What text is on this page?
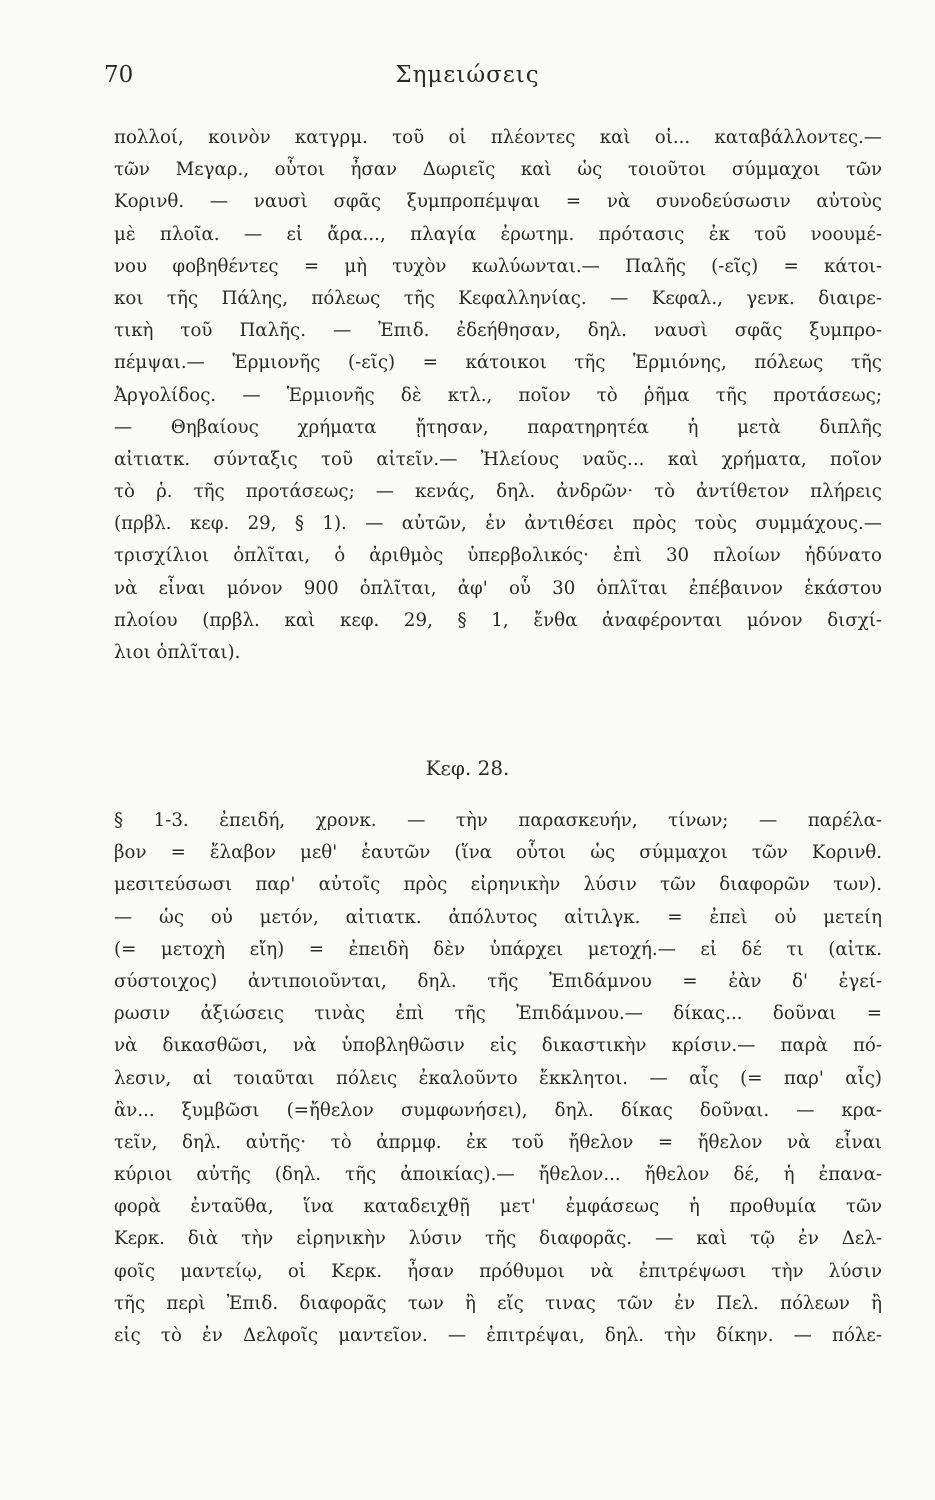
70	Σημειώσεις
πολλοί, κοινὸν κατγρμ. τοῦ οἱ πλέοντες καὶ οἱ... καταβάλλοντες.—
τῶν Μεγαρ., οὗτοι ἦσαν Δωριεῖς καὶ ὡς τοιοῦτοι σύμμαχοι τῶν
Κορινθ. — ναυσὶ σφᾶς ξυμπροπέμψαι = νὰ συνοδεύσωσιν αὐτοὺς
μὲ πλοῖα. — εἰ ἄρα..., πλαγία ἐρωτημ. πρότασις ἐκ τοῦ νοουμέ-
νου φοβηθέντες = μὴ τυχὸν κωλύωνται.— Παλῆς (-εῖς) = κάτοι-
κοι τῆς Πάλης, πόλεως τῆς Κεφαλληνίας. — Κεφαλ., γενκ. διαιρε-
τικὴ τοῦ Παλῆς. — Ἐπιδ. ἐδεήθησαν, δηλ. ναυσὶ σφᾶς ξυμπρο-
πέμψαι.— Ἑρμιονῆς (-εῖς) = κάτοικοι τῆς Ἑρμιόνης, πόλεως τῆς
Ἀργολίδος. — Ἑρμιονῆς δὲ κτλ., ποῖον τὸ ῥῆμα τῆς προτάσεως;
— Θηβαίους χρήματα ᾔτησαν, παρατηρητέα ἡ μετὰ διπλῆς
αἰτιατκ. σύνταξις τοῦ αἰτεῖν.— Ἠλείους ναῦς... καὶ χρήματα, ποῖον
τὸ ῥ. τῆς προτάσεως; — κενάς, δηλ. ἀνδρῶν· τὸ ἀντίθετον πλήρεις
(πρβλ. κεφ. 29, § 1). — αὐτῶν, ἐν ἀντιθέσει πρὸς τοὺς συμμάχους.—
τρισχίλιοι ὁπλῖται, ὁ ἀριθμὸς ὑπερβολικός· ἐπὶ 30 πλοίων ἠδύνατο
νὰ εἶναι μόνον 900 ὁπλῖται, ἀφ' οὗ 30 ὁπλῖται ἐπέβαινον ἑκάστου
πλοίου (πρβλ. καὶ κεφ. 29, § 1, ἔνθα ἀναφέρονται μόνον δισχί-
λιοι ὁπλῖται).
Κεφ. 28.
§ 1-3. ἐπειδή, χρονκ. — τὴν παρασκευήν, τίνων; — παρέλα-
βον = ἔλαβον μεθ' ἑαυτῶν (ἵνα οὗτοι ὡς σύμμαχοι τῶν Κορινθ.
μεσιτεύσωσι παρ' αὐτοῖς πρὸς εἰρηνικὴν λύσιν τῶν διαφορῶν των).
— ὡς οὐ μετόν, αἰτιατκ. ἀπόλυτος αἰτιλγκ. = ἐπεὶ οὐ μετείη
(= μετοχὴ εἴη) = ἐπειδὴ δὲν ὑπάρχει μετοχή.— εἰ δέ τι (αἰτκ.
σύστοιχος) ἀντιποιοῦνται, δηλ. τῆς Ἐπιδάμνου = ἐὰν δ' ἐγεί-
ρωσιν ἀξιώσεις τινὰς ἐπὶ τῆς Ἐπιδάμνου.— δίκας... δοῦναι =
νὰ δικασθῶσι, νὰ ὑποβληθῶσιν εἰς δικαστικὴν κρίσιν.— παρὰ πό-
λεσιν, αἱ τοιαῦται πόλεις ἐκαλοῦντο ἔκκλητοι. — αἷς (= παρ' αἷς)
ἂν... ξυμβῶσι (=ἤθελον συμφωνήσει), δηλ. δίκας δοῦναι. — κρα-
τεῖν, δηλ. αὐτῆς· τὸ ἀπρμφ. ἐκ τοῦ ἤθελον = ἤθελον νὰ εἶναι
κύριοι αὐτῆς (δηλ. τῆς ἀποικίας).— ἤθελον... ἤθελον δέ, ἡ ἐπανα-
φορὰ ἐνταῦθα, ἵνα καταδειχθῇ μετ' ἐμφάσεως ἡ προθυμία τῶν
Κερκ. διὰ τὴν εἰρηνικὴν λύσιν τῆς διαφορᾶς. — καὶ τῷ ἐν Δελ-
φοῖς μαντείῳ, οἱ Κερκ. ἦσαν πρόθυμοι νὰ ἐπιτρέψωσι τὴν λύσιν
τῆς περὶ Ἐπιδ. διαφορᾶς των ἢ εἴς τινας τῶν ἐν Πελ. πόλεων ἢ
εἰς τὸ ἐν Δελφοῖς μαντεῖον. — ἐπιτρέψαι, δηλ. τὴν δίκην. — πόλε-
